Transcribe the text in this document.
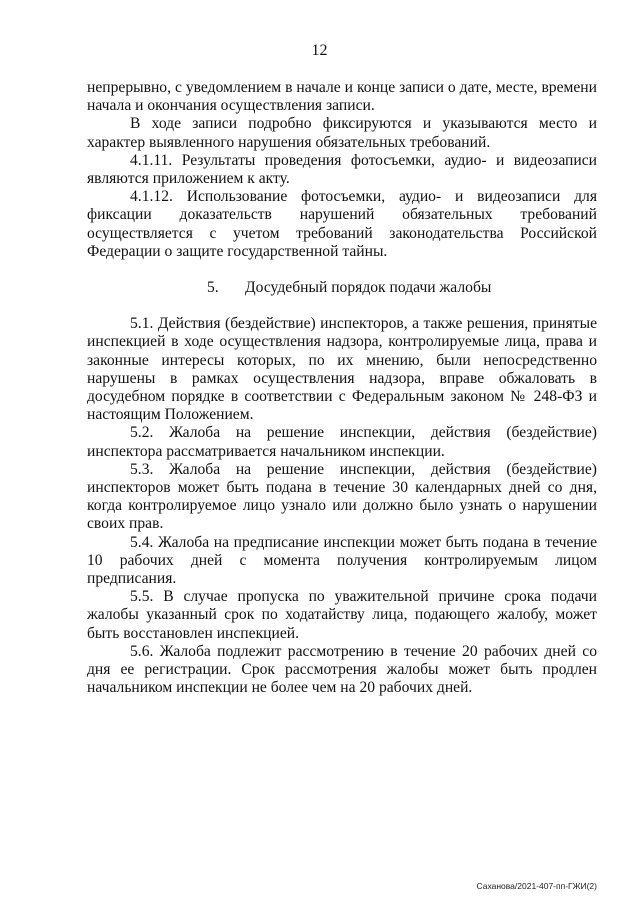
12

непрерывно, с уведомлением в начале и конце записи о дате, месте, времени начала и окончания осуществления записи.

В ходе записи подробно фиксируются и указываются место и характер выявленного нарушения обязательных требований.

4.1.11. Результаты проведения фотосъемки, аудио- и видеозаписи являются приложением к акту.

4.1.12. Использование фотосъемки, аудио- и видеозаписи для фиксации доказательств нарушений обязательных требований осуществляется с учетом требований законодательства Российской Федерации о защите государственной тайны.

5. Досудебный порядок подачи жалобы

5.1. Действия (бездействие) инспекторов, а также решения, принятые инспекцией в ходе осуществления надзора, контролируемые лица, права и законные интересы которых, по их мнению, были непосредственно нарушены в рамках осуществления надзора, вправе обжаловать в досудебном порядке в соответствии с Федеральным законом № 248-ФЗ и настоящим Положением.

5.2. Жалоба на решение инспекции, действия (бездействие) инспектора рассматривается начальником инспекции.

5.3. Жалоба на решение инспекции, действия (бездействие) инспекторов может быть подана в течение 30 календарных дней со дня, когда контролируемое лицо узнало или должно было узнать о нарушении своих прав.

5.4. Жалоба на предписание инспекции может быть подана в течение 10 рабочих дней с момента получения контролируемым лицом предписания.

5.5. В случае пропуска по уважительной причине срока подачи жалобы указанный срок по ходатайству лица, подающего жалобу, может быть восстановлен инспекцией.

5.6. Жалоба подлежит рассмотрению в течение 20 рабочих дней со дня ее регистрации. Срок рассмотрения жалобы может быть продлен начальником инспекции не более чем на 20 рабочих дней.

Саханова/2021-407-пп-ГЖИ(2)
